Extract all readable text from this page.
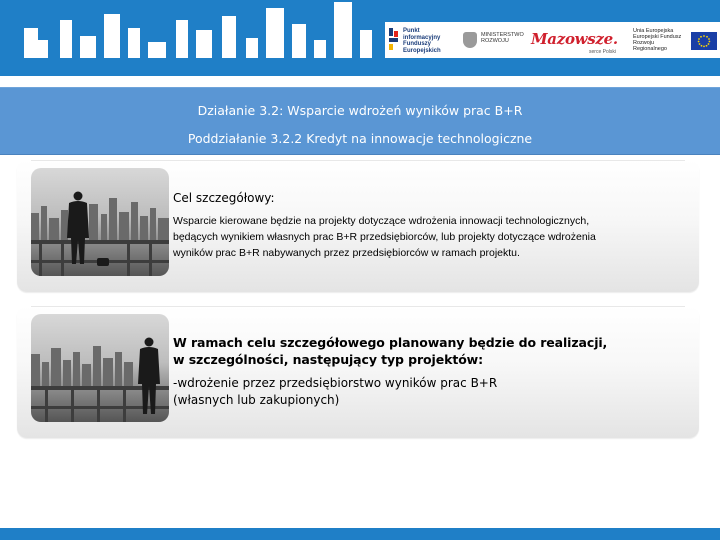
Punkt
informacyjny
Funduszy Europejskich
MINISTERSTWO
ROZWOJU	Mazowsze.
serce Polski
Unia Europejska
Europejski Fundusz
Rozwoju Regionalnego
Działanie 3.2: Wsparcie wdrożeń wyników prac B+R
Poddziałanie 3.2.2 Kredyt na innowacje technologiczne
Cel szczegółowy:
Wsparcie kierowane będzie na projekty dotyczące wdrożenia innowacji technologicznych,
będących wynikiem własnych prac B+R przedsiębiorców, lub projekty dotyczące wdrożenia
wyników prac B+R nabywanych przez przedsiębiorców w ramach projektu.
W ramach celu szczegółowego planowany będzie do realizacji,
w szczególności, następujący typ projektów:
-wdrożenie przez przedsiębiorstwo wyników prac B+R
(własnych lub zakupionych)
